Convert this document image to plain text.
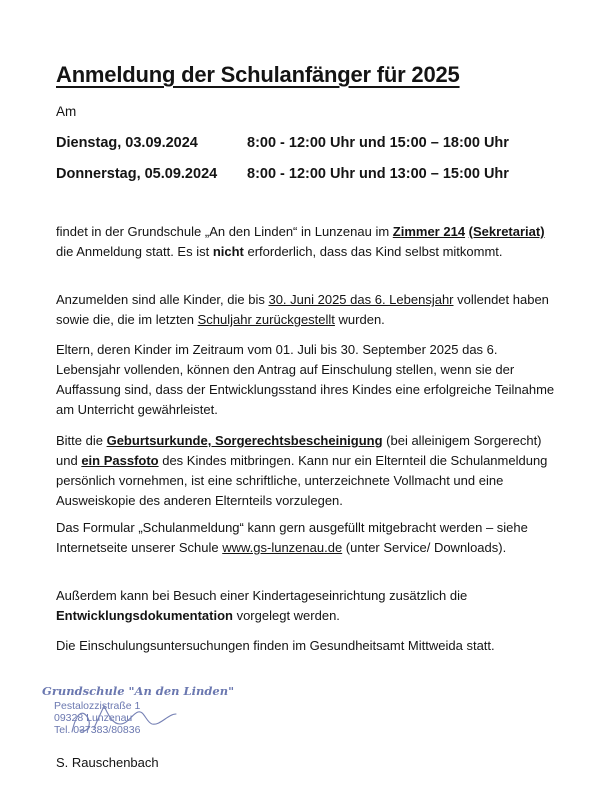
Anmeldung der Schulanfänger für 2025
Am
Dienstag, 03.09.2024	8:00 - 12:00 Uhr und 15:00 – 18:00 Uhr
Donnerstag, 05.09.2024 8:00 - 12:00 Uhr und 13:00 – 15:00 Uhr

findet in der Grundschule „An den Linden“ in Lunzenau im Zimmer 214 (Sekretariat) die Anmeldung statt. Es ist nicht erforderlich, dass das Kind selbst mitkommt.

Anzumelden sind alle Kinder, die bis 30. Juni 2025 das 6. Lebensjahr vollendet haben sowie die, die im letzten Schuljahr zurückgestellt wurden.

Eltern, deren Kinder im Zeitraum vom 01. Juli bis 30. September 2025 das 6. Lebensjahr vollenden, können den Antrag auf Einschulung stellen, wenn sie der Auffassung sind, dass der Entwicklungsstand ihres Kindes eine erfolgreiche Teilnahme am Unterricht gewährleistet.

Bitte die Geburtsurkunde, Sorgerechtsbescheinigung (bei alleinigem Sorgerecht) und ein Passfoto des Kindes mitbringen. Kann nur ein Elternteil die Schulanmeldung persönlich vornehmen, ist eine schriftliche, unterzeichnete Vollmacht und eine Ausweiskopie des anderen Elternteils vorzulegen.

Das Formular „Schulanmeldung“ kann gern ausgefüllt mitgebracht werden – siehe Internetseite unserer Schule www.gs-lunzenau.de (unter Service/ Downloads).

Außerdem kann bei Besuch einer Kindertageseinrichtung zusätzlich die Entwicklungsdokumentation vorgelegt werden.

Die Einschulungsuntersuchungen finden im Gesundheitsamt Mittweida statt.

Grundschule "An den Linden"
Pestalozzistraße 1
09328 Lunzenau
Tel. 037383/80836
S. Rauschenbach
